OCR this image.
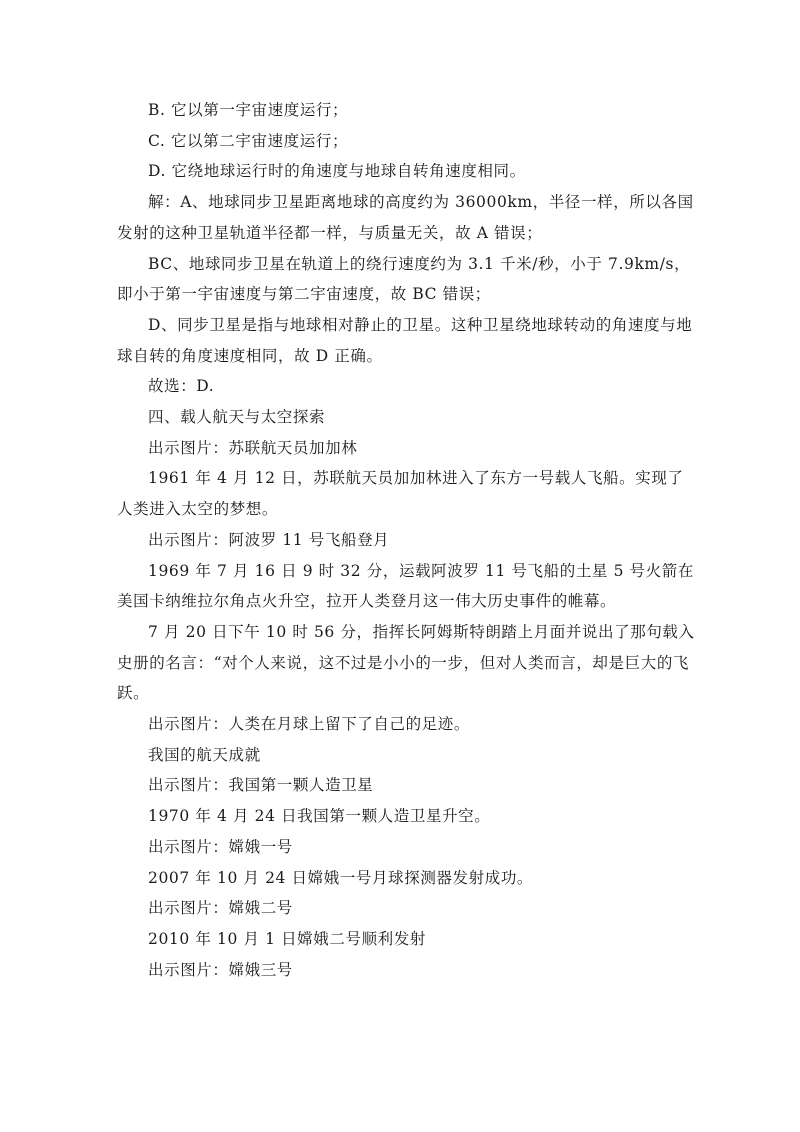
B. 它以第一宇宙速度运行；

C. 它以第二宇宙速度运行；

D. 它绕地球运行时的角速度与地球自转角速度相同。

解：A、地球同步卫星距离地球的高度约为 36000km，半径一样，所以各国发射的这种卫星轨道半径都一样，与质量无关，故 A 错误；

BC、地球同步卫星在轨道上的绕行速度约为 3.1 千米/秒，小于 7.9km/s，即小于第一宇宙速度与第二宇宙速度，故 BC 错误；

D、同步卫星是指与地球相对静止的卫星。这种卫星绕地球转动的角速度与地球自转的角度速度相同，故 D 正确。

故选：D.

四、载人航天与太空探索

出示图片：苏联航天员加加林

1961 年 4 月 12 日，苏联航天员加加林进入了东方一号载人飞船。实现了人类进入太空的梦想。

出示图片：阿波罗 11 号飞船登月

1969 年 7 月 16 日 9 时 32 分，运载阿波罗 11 号飞船的土星 5 号火箭在美国卡纳维拉尔角点火升空，拉开人类登月这一伟大历史事件的帷幕。

7 月 20 日下午 10 时 56 分，指挥长阿姆斯特朗踏上月面并说出了那句载入史册的名言：“对个人来说，这不过是小小的一步，但对人类而言，却是巨大的飞跃。

出示图片：人类在月球上留下了自己的足迹。

我国的航天成就

出示图片：我国第一颗人造卫星

1970 年 4 月 24 日我国第一颗人造卫星升空。

出示图片：嫦娥一号

2007 年 10 月 24 日嫦娥一号月球探测器发射成功。

出示图片：嫦娥二号

2010 年 10 月 1 日嫦娥二号顺利发射

出示图片：嫦娥三号
